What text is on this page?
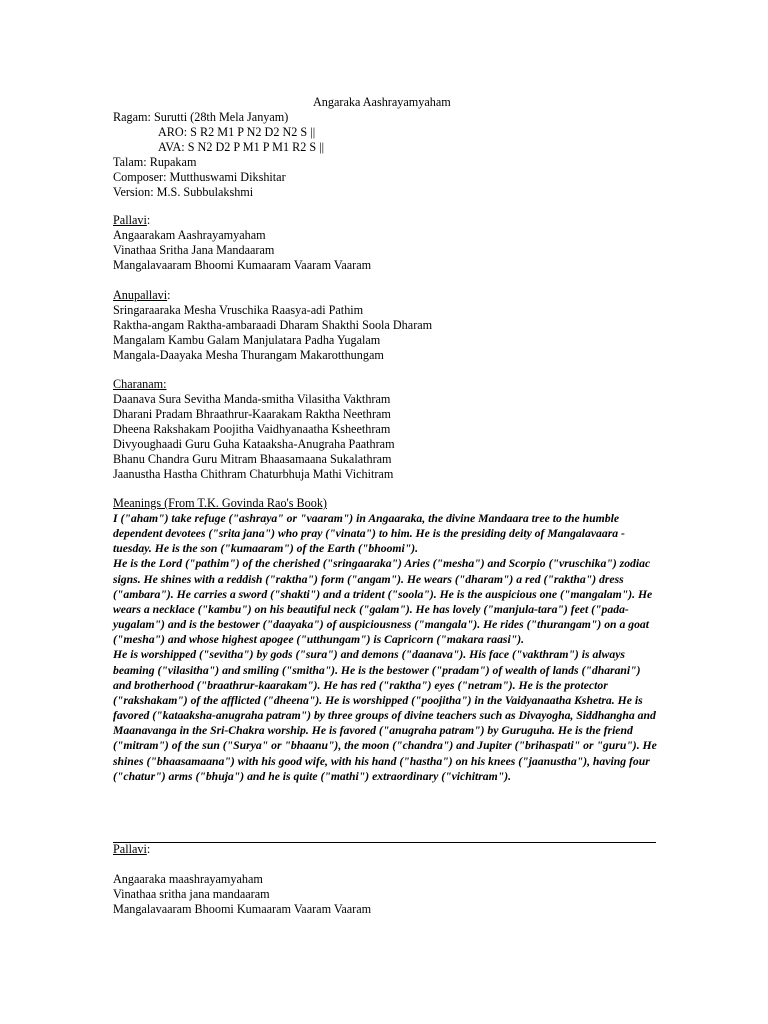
Angaraka Aashrayamyaham
Ragam: Surutti (28th Mela Janyam)
ARO: S R2 M1 P N2 D2 N2 S ||
AVA: S N2 D2 P M1 P M1 R2 S ||
Talam: Rupakam
Composer: Mutthuswami Dikshitar
Version: M.S. Subbulakshmi
Pallavi:
Angaarakam Aashrayamyaham
Vinathaa Sritha Jana Mandaaram
Mangalavaaram Bhoomi Kumaaram Vaaram Vaaram
Anupallavi:
Sringaraaraka Mesha Vruschika Raasya-adi Pathim
Raktha-angam Raktha-ambaraadi Dharam Shakthi Soola Dharam
Mangalam Kambu Galam Manjulatara Padha Yugalam
Mangala-Daayaka Mesha Thurangam Makarotthungam
Charanam:
Daanava Sura Sevitha Manda-smitha Vilasitha Vakthram
Dharani Pradam Bhraathrur-Kaarakam Raktha Neethram
Dheena Rakshakam Poojitha Vaidhyanaatha Ksheethram
Divyoughaadi Guru Guha Kataaksha-Anugraha Paathram
Bhanu Chandra Guru Mitram Bhaasamaana Sukalathram
Jaanustha Hastha Chithram Chaturbhuja Mathi Vichitram
Meanings (From T.K. Govinda Rao's Book)

I ("aham") take refuge ("ashraya" or "vaaram") in Angaaraka, the divine Mandaara tree to the humble dependent devotees ("srita jana") who pray ("vinata") to him. He is the presiding deity of Mangalavaara - tuesday. He is the son ("kumaaram") of the Earth ("bhoomi").

He is the Lord ("pathim") of the cherished ("sringaaraka") Aries ("mesha") and Scorpio ("vruschika") zodiac signs. He shines with a reddish ("raktha") form ("angam"). He wears ("dharam") a red ("raktha") dress ("ambara"). He carries a sword ("shakti") and a trident ("soola"). He is the auspicious one ("mangalam"). He wears a necklace ("kambu") on his beautiful neck ("galam"). He has lovely ("manjula-tara") feet ("pada-yugalam") and is the bestower ("daayaka") of auspiciousness ("mangala"). He rides ("thurangam") on a goat ("mesha") and whose highest apogee ("utthungam") is Capricorn ("makara raasi").

He is worshipped ("sevitha") by gods ("sura") and demons ("daanava"). His face ("vakthram") is always beaming ("vilasitha") and smiling ("smitha"). He is the bestower ("pradam") of wealth of lands ("dharani") and brotherhood ("braathrur-kaarakam"). He has red ("raktha") eyes ("netram"). He is the protector ("rakshakam") of the afflicted ("dheena"). He is worshipped ("poojitha") in the Vaidyanaatha Kshetra. He is favored ("kataaksha-anugraha patram") by three groups of divine teachers such as Divayogha, Siddhangha and Maanavanga in the Sri-Chakra worship. He is favored ("anugraha patram") by Guruguha. He is the friend ("mitram") of the sun ("Surya" or "bhaanu"), the moon ("chandra") and Jupiter ("brihaspati" or "guru"). He shines ("bhaasamaana") with his good wife, with his hand ("hastha") on his knees ("jaanustha"), having four ("chatur") arms ("bhuja") and he is quite ("mathi") extraordinary ("vichitram").

Pallavi:
Angaaraka maashrayamyaham
Vinathaa sritha jana mandaaram
Mangalavaaram Bhoomi Kumaaram Vaaram Vaaram
